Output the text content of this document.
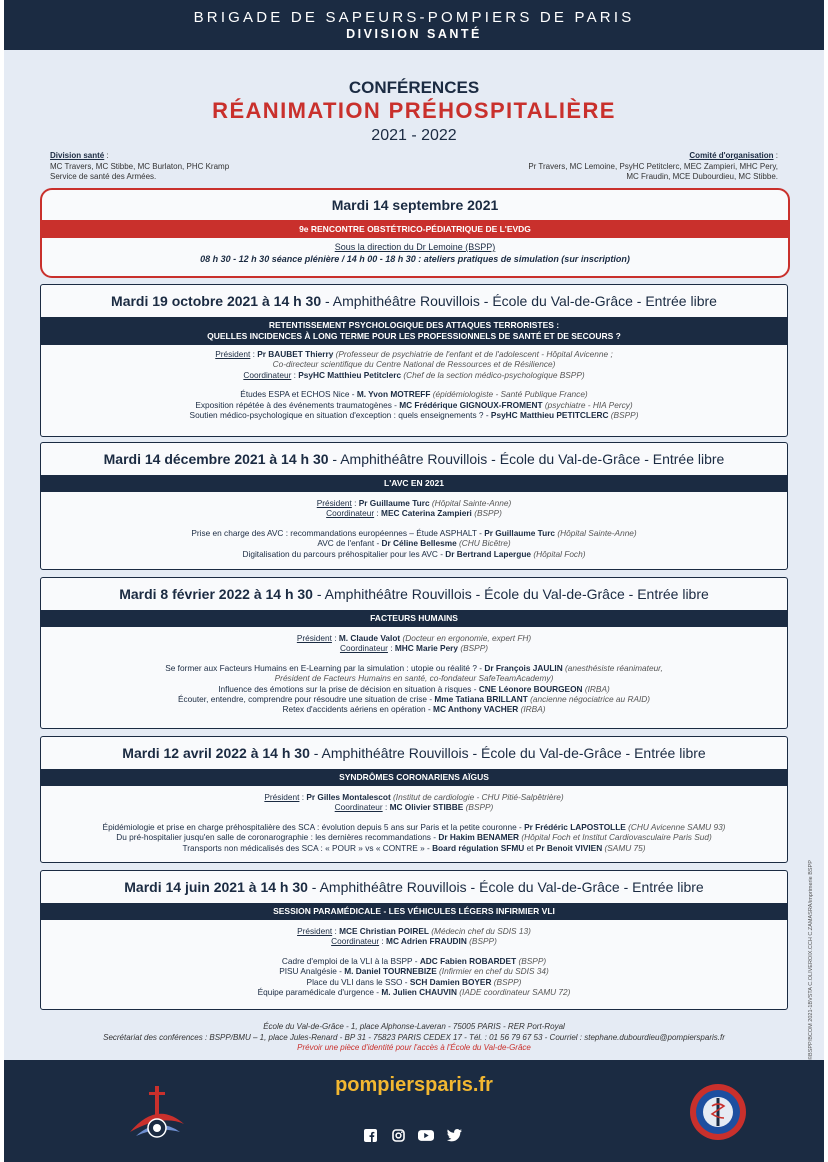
BRIGADE DE SAPEURS-POMPIERS DE PARIS
DIVISION SANTÉ
CONFÉRENCES
RÉANIMATION PRÉHOSPITALIÈRE
2021 - 2022
Division santé :
MC Travers, MC Stibbe, MC Burlaton, PHC Kramp
Service de santé des Armées.
Comité d'organisation :
Pr Travers, MC Lemoine, PsyHC Petitclerc, MEC Zampieri, MHC Pery,
MC Fraudin, MCE Dubourdieu, MC Stibbe.
Mardi 14 septembre 2021
9e RENCONTRE OBSTÉTRICO-PÉDIATRIQUE DE L'EVDG
Sous la direction du Dr Lemoine (BSPP)
08 h 30 - 12 h 30 séance plénière / 14 h 00 - 18 h 30 : ateliers pratiques de simulation (sur inscription)
Mardi 19 octobre 2021 à 14 h 30 - Amphithéâtre Rouvillois - École du Val-de-Grâce - Entrée libre
RETENTISSEMENT PSYCHOLOGIQUE DES ATTAQUES TERRORISTES :
QUELLES INCIDENCES À LONG TERME POUR LES PROFESSIONNELS DE SANTÉ ET DE SECOURS ?
Président : Pr BAUBET Thierry (Professeur de psychiatrie de l'enfant et de l'adolescent - Hôpital Avicenne ;
Co-directeur scientifique du Centre National de Ressources et de Résilience)
Coordinateur : PsyHC Matthieu Petitclerc (Chef de la section médico-psychologique BSPP)
Études ESPA et ECHOS Nice - M. Yvon MOTREFF (épidémiologiste - Santé Publique France)
Exposition répétée à des événements traumatogènes - MC Frédérique GIGNOUX-FROMENT (psychiatre - HIA Percy)
Soutien médico-psychologique en situation d'exception : quels enseignements ? - PsyHC Matthieu PETITCLERC (BSPP)
Mardi 14 décembre 2021 à 14 h 30 - Amphithéâtre Rouvillois - École du Val-de-Grâce - Entrée libre
L'AVC EN 2021
Président : Pr Guillaume Turc (Hôpital Sainte-Anne)
Coordinateur : MEC Caterina Zampieri (BSPP)
Prise en charge des AVC : recommandations européennes – Étude ASPHALT - Pr Guillaume Turc (Hôpital Sainte-Anne)
AVC de l'enfant - Dr Céline Bellesme (CHU Bicêtre)
Digitalisation du parcours préhospitalier pour les AVC - Dr Bertrand Lapergue (Hôpital Foch)
Mardi 8 février 2022 à 14 h 30 - Amphithéâtre Rouvillois - École du Val-de-Grâce - Entrée libre
FACTEURS HUMAINS
Président : M. Claude Valot (Docteur en ergonomie, expert FH)
Coordinateur : MHC Marie Pery (BSPP)
Se former aux Facteurs Humains en E-Learning par la simulation : utopie ou réalité ? - Dr François JAULIN (anesthésiste réanimateur,
Président de Facteurs Humains en santé, co-fondateur SafeTeamAcademy)
Influence des émotions sur la prise de décision en situation à risques - CNE Léonore BOURGEON (IRBA)
Écouter, entendre, comprendre pour résoudre une situation de crise - Mme Tatiana BRILLANT (ancienne négociatrice au RAID)
Retex d'accidents aériens en opération - MC Anthony VACHER (IRBA)
Mardi 12 avril 2022 à 14 h 30 - Amphithéâtre Rouvillois - École du Val-de-Grâce - Entrée libre
SYNDRÔMES CORONARIENS AÏGUS
Président : Pr Gilles Montalescot (Institut de cardiologie - CHU Pitié-Salpêtrière)
Coordinateur : MC Olivier STIBBE (BSPP)
Épidémiologie et prise en charge préhospitalière des SCA : évolution depuis 5 ans sur Paris et la petite couronne - Pr Frédéric LAPOSTOLLE (CHU Avicenne SAMU 93)
Du pré-hospitalier jusqu'en salle de coronarographie : les dernières recommandations - Dr Hakim BENAMER (Hôpital Foch et Institut Cardiovasculaire Paris Sud)
Transports non médicalisés des SCA : « POUR » vs « CONTRE » - Board régulation SFMU et Pr Benoit VIVIEN (SAMU 75)
Mardi 14 juin 2021 à 14 h 30 - Amphithéâtre Rouvillois - École du Val-de-Grâce - Entrée libre
SESSION PARAMÉDICALE - LES VÉHICULES LÉGERS INFIRMIER VLI
Président : MCE Christian POIREL (Médecin chef du SDIS 13)
Coordinateur : MC Adrien FRAUDIN (BSPP)
Cadre d'emploi de la VLI à la BSPP - ADC Fabien ROBARDET (BSPP)
PISU Analgésie - M. Daniel TOURNEBIZE (Infirmier en chef du SDIS 34)
Place du VLI dans le SSO - SCH Damien BOYER (BSPP)
Équipe paramédicale d'urgence - M. Julien CHAUVIN (IADE coordinateur SAMU 72)
École du Val-de-Grâce - 1, place Alphonse-Laveran - 75005 PARIS - RER Port-Royal
Secrétariat des conférences : BSPP/BMU – 1, place Jules-Renard - BP 31 - 75823 PARIS CEDEX 17 - Tél. : 01 56 79 67 53 - Courriel : stephane.dubourdieu@pompiersparis.fr
Prévoir une pièce d'identité pour l'accès à l'École du Val-de-Grâce	©BSPP/BCOM 2021-1BVSTA C.OLIVEROIX.CCH C.ZAMASRA/imprimerie BSPP
pompiersparis.fr
